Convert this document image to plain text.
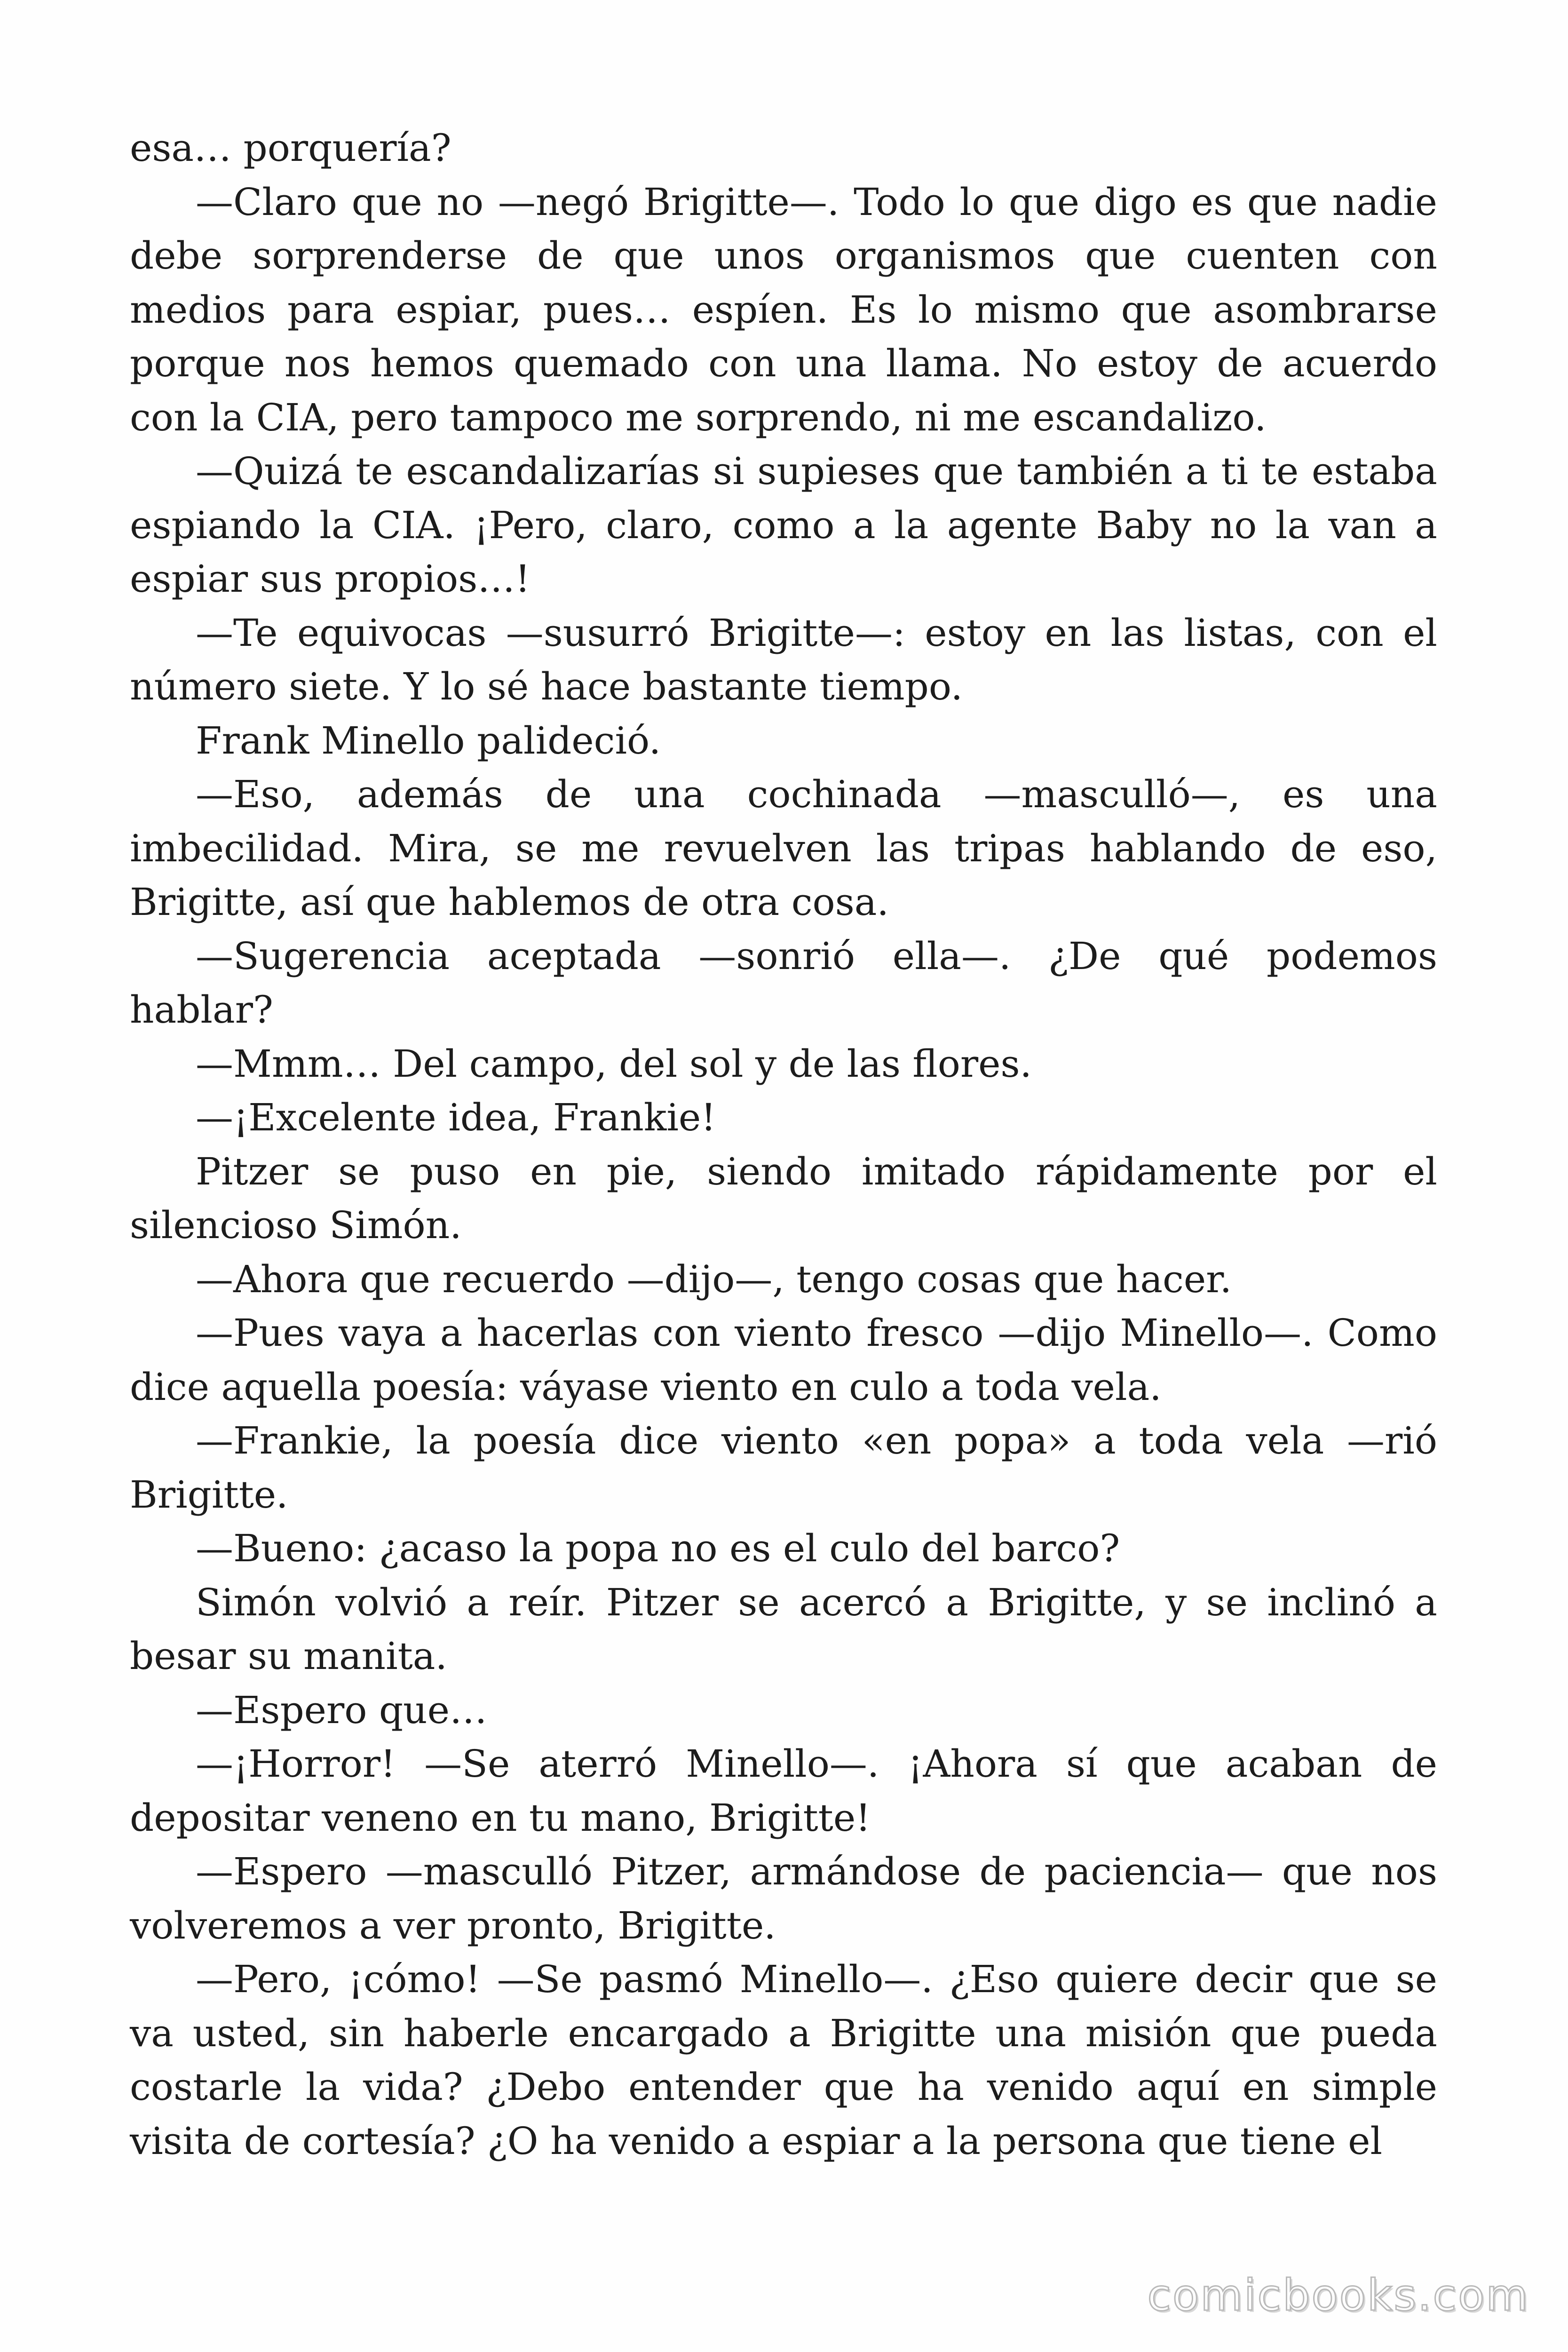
esa… porquería?

—Claro que no —negó Brigitte—. Todo lo que digo es que nadie debe sorprenderse de que unos organismos que cuenten con medios para espiar, pues… espíen. Es lo mismo que asombrarse porque nos hemos quemado con una llama. No estoy de acuerdo con la CIA, pero tampoco me sorprendo, ni me escandalizo.

—Quizá te escandalizarías si supieses que también a ti te estaba espiando la CIA. ¡Pero, claro, como a la agente Baby no la van a espiar sus propios…!

—Te equivocas —susurró Brigitte—: estoy en las listas, con el número siete. Y lo sé hace bastante tiempo.

Frank Minello palideció.

—Eso, además de una cochinada —masculló—, es una imbecilidad. Mira, se me revuelven las tripas hablando de eso, Brigitte, así que hablemos de otra cosa.

—Sugerencia aceptada —sonrió ella—. ¿De qué podemos hablar?

—Mmm… Del campo, del sol y de las flores.

—¡Excelente idea, Frankie!

Pitzer se puso en pie, siendo imitado rápidamente por el silencioso Simón.

—Ahora que recuerdo —dijo—, tengo cosas que hacer.

—Pues vaya a hacerlas con viento fresco —dijo Minello—. Como dice aquella poesía: váyase viento en culo a toda vela.

—Frankie, la poesía dice viento «en popa» a toda vela —rió Brigitte.

—Bueno: ¿acaso la popa no es el culo del barco?

Simón volvió a reír. Pitzer se acercó a Brigitte, y se inclinó a besar su manita.

—Espero que…

—¡Horror! —Se aterró Minello—. ¡Ahora sí que acaban de depositar veneno en tu mano, Brigitte!

—Espero —masculló Pitzer, armándose de paciencia— que nos volveremos a ver pronto, Brigitte.

—Pero, ¡cómo! —Se pasmó Minello—. ¿Eso quiere decir que se va usted, sin haberle encargado a Brigitte una misión que pueda costarle la vida? ¿Debo entender que ha venido aquí en simple visita de cortesía? ¿O ha venido a espiar a la persona que tiene el

comicbooks.com
